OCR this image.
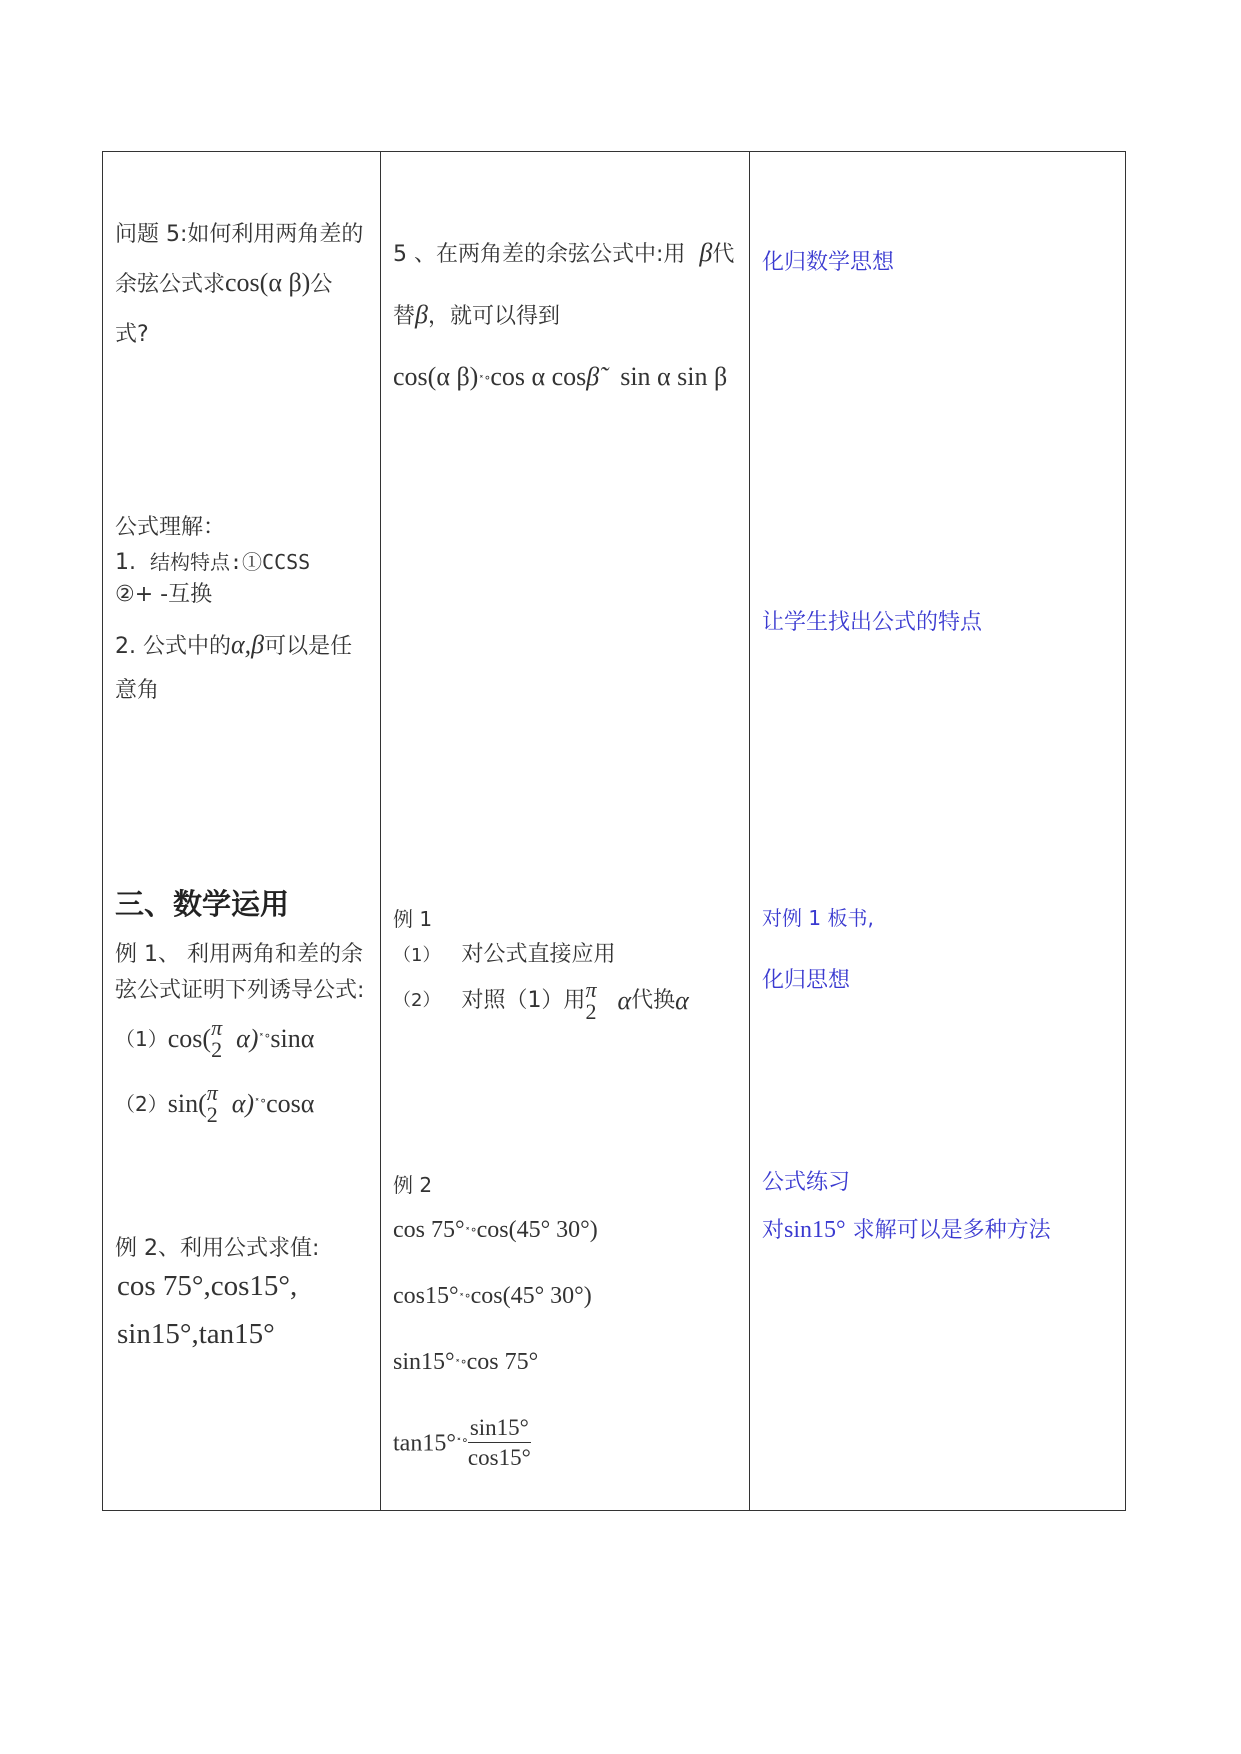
问题 5:如何利用两角差的
余弦公式求cos(α β)公
式?
公式理解：
1. 结构特点:①CCSS
②+ -互换
2. 公式中的α,β可以是任
意角
三、数学运用
例 1、 利用两角和差的余
弦公式证明下列诱导公式:
（1）cos( π
2 α)˟°sinα
（2）sin( π
2 α)˟°cosα
例 2、利用公式求值:
cos 75°,cos15°,
sin15°,tan15°
5 、在两角差的余弦公式中:用 β代
替β，就可以得到
cos(α β)˟°cos α cosβ̃ sin α sin β
例 1
（1） 对公式直接应用
（2） 对照（1）用 π
2 α代换α
例 2
cos 75°˟°cos(45° 30°)
cos15°˟°cos(45° 30°)
sin15°˟°cos 75°
tan15°˟° $\frac{\sin 15^\circ}{\cos 15^\circ}$
化归数学思想
让学生找出公式的特点
对例 1 板书,
化归思想
公式练习
对sin15° 求解可以是多种方法
